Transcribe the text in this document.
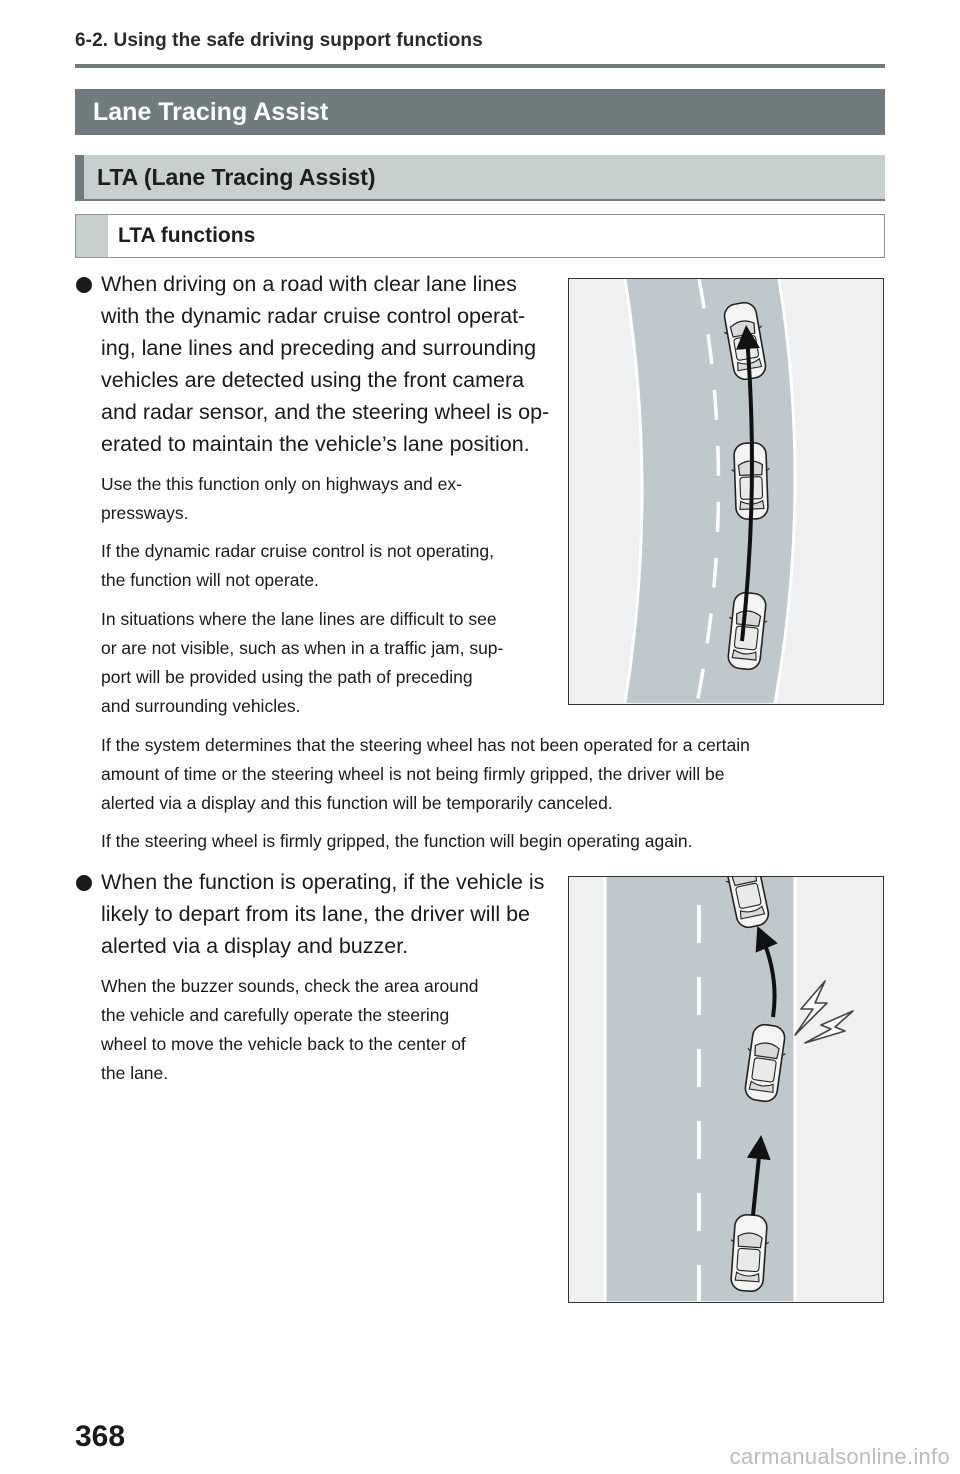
6-2. Using the safe driving support functions
Lane Tracing Assist
LTA (Lane Tracing Assist)
LTA functions
When driving on a road with clear lane lines
with the dynamic radar cruise control operat-
ing, lane lines and preceding and surrounding
vehicles are detected using the front camera
and radar sensor, and the steering wheel is op-
erated to maintain the vehicle’s lane position.
Use the this function only on highways and ex-
pressways.
If the dynamic radar cruise control is not operating,
the function will not operate.
In situations where the lane lines are difficult to see
or are not visible, such as when in a traffic jam, sup-
port will be provided using the path of preceding
and surrounding vehicles.
If the system determines that the steering wheel has not been operated for a certain
amount of time or the steering wheel is not being firmly gripped, the driver will be
alerted via a display and this function will be temporarily canceled.
If the steering wheel is firmly gripped, the function will begin operating again.
When the function is operating, if the vehicle is
likely to depart from its lane, the driver will be
alerted via a display and buzzer.
When the buzzer sounds, check the area around
the vehicle and carefully operate the steering
wheel to move the vehicle back to the center of
the lane.
368
carmanualsonline.info
